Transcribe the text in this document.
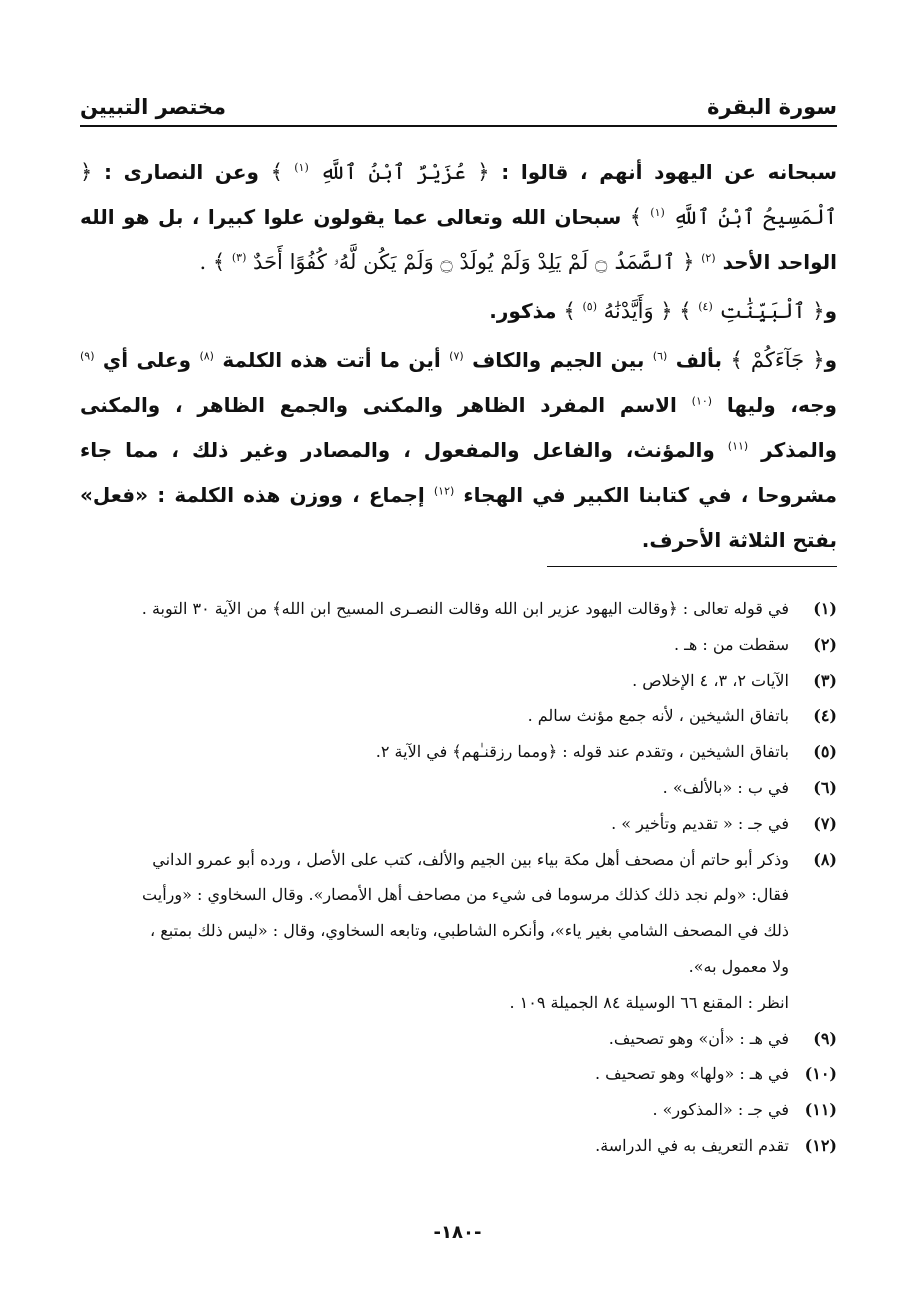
سورة البقرة
مختصر التبيين

سبحانه عن اليهود أنهم ، قالوا : ﴿ عُزَيْرٌ ٱبْنُ ٱللَّهِ $^{(١)}$ ﴾ وعن النصارى : ﴿ ٱلْمَسِيحُ ٱبْنُ ٱللَّهِ $^{(١)}$ ﴾ سبحان الله وتعالى عما يقولون علوا كبيرا ، بل هو الله الواحد الأحد $^{(٢)}$ ﴿ ٱلصَّمَدُ ۝ لَمْ يَلِدْ وَلَمْ يُولَدْ ۝ وَلَمْ يَكُن لَّهُۥ كُفُوًا أَحَدٌ $^{(٣)}$ ﴾ .

و﴿ ٱلْبَيِّنَٰتِ $^{(٤)}$ ﴾ ﴿ وَأَيَّدْنَٰهُ $^{(٥)}$ ﴾ مذكور.

و﴿ جَآءَكُمْ ﴾ بألف $^{(٦)}$ بين الجيم والكاف $^{(٧)}$ أين ما أتت هذه الكلمة $^{(٨)}$ وعلى أي $^{(٩)}$ وجه، وليها $^{(١٠)}$ الاسم المفرد الظاهر والمكنى والجمع الظاهر ، والمكنى والمذكر $^{(١١)}$ والمؤنث، والفاعل والمفعول ، والمصادر وغير ذلك ، مما جاء مشروحا ، في كتابنا الكبير في الهجاء $^{(١٢)}$ إجماع ، ووزن هذه الكلمة : «فعل» بفتح الثلاثة الأحرف.

(١)
في قوله تعالى : ﴿وقالت اليهود عزير ابن الله وقالت النصـرى المسيح ابن الله﴾ من الآية ٣٠ التوبة .
(٢)
سقطت من : هـ .
(٣)
الآيات ٢، ٣، ٤ الإخلاص .
(٤)
باتفاق الشيخين ، لأنه جمع مؤنث سالم .
(٥)
باتفاق الشيخين ، وتقدم عند قوله : ﴿ومما رزقنـٰهم﴾ في الآية ٢.
(٦)
في ب : «بالألف» .
(٧)
في جـ : « تقديم وتأخير » .
(٨)
وذكر أبو حاتم أن مصحف أهل مكة بياء بين الجيم والألف، كتب على الأصل ، ورده أبو عمرو الداني
فقال: «ولم نجد ذلك كذلك مرسوما فى شيء من مصاحف أهل الأمصار». وقال السخاوي : «ورأيت
ذلك في المصحف الشامي بغير ياء»، وأنكره الشاطبي، وتابعه السخاوي، وقال : «ليس ذلك بمتبع ،
ولا معمول به».
انظر : المقنع ٦٦ الوسيلة ٨٤ الجميلة ١٠٩ .
(٩)
في هـ : «أن» وهو تصحيف.
(١٠)
في هـ : «ولها» وهو تصحيف .
(١١)
في جـ : «المذكور» .
(١٢)
تقدم التعريف به في الدراسة.
-١٨٠-
